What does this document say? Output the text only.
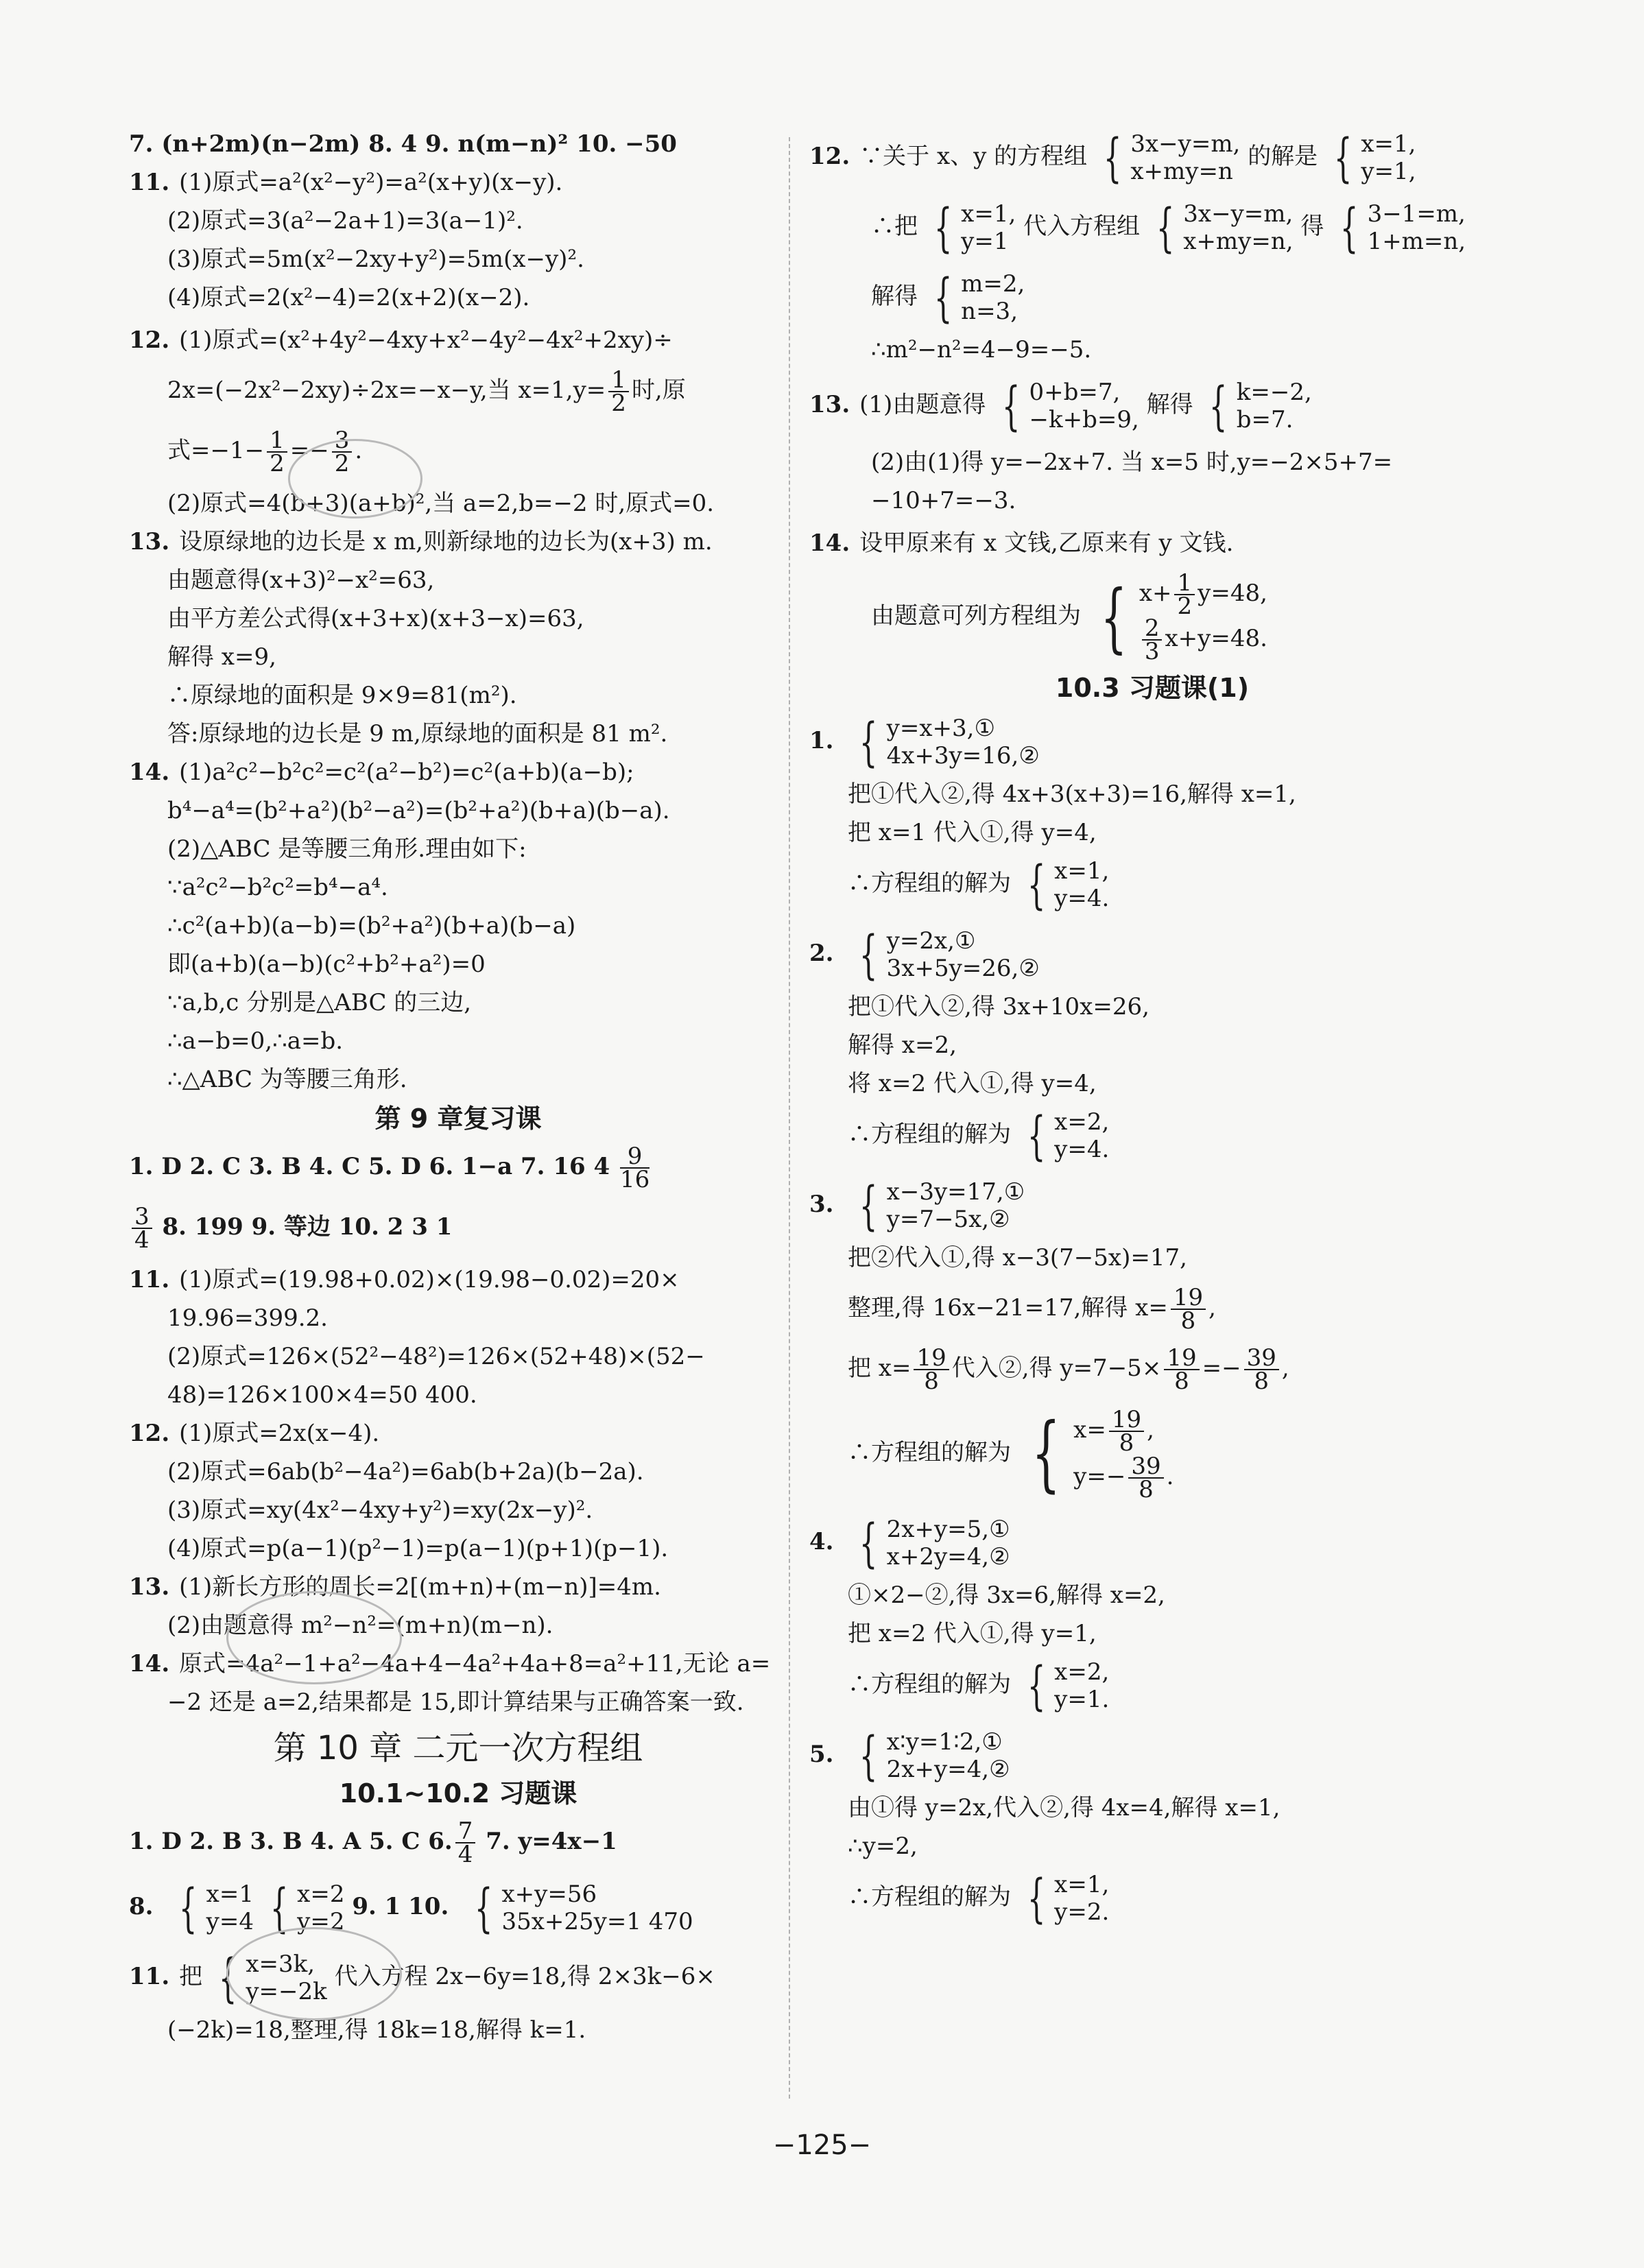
7. (n+2m)(n−2m) 8. 4 9. n(m−n)² 10. −50
11. (1)原式=a²(x²−y²)=a²(x+y)(x−y).
(2)原式=3(a²−2a+1)=3(a−1)².
(3)原式=5m(x²−2xy+y²)=5m(x−y)².
(4)原式=2(x²−4)=2(x+2)(x−2).
12. (1)原式=(x²+4y²−4xy+x²−4y²−4x²+2xy)÷
2x=(−2x²−2xy)÷2x=−x−y,当 $x=1,y= \frac{1}{2}$ 时,原
式$=-1- \frac{1}{2} =- \frac{3}{2}$ .
(2)原式=4(b+3)(a+b)²,当 a=2,b=−2 时,原式=0.
13. 设原绿地的边长是 x m,则新绿地的边长为(x+3) m.
由题意得(x+3)²−x²=63,
由平方差公式得(x+3+x)(x+3−x)=63,
解得 x=9,
∴原绿地的面积是 9×9=81(m²).
答:原绿地的边长是 9 m,原绿地的面积是 81 m².
14. (1)a²c²−b²c²=c²(a²−b²)=c²(a+b)(a−b);
b⁴−a⁴=(b²+a²)(b²−a²)=(b²+a²)(b+a)(b−a).
(2)△ABC 是等腰三角形.理由如下:
∵a²c²−b²c²=b⁴−a⁴.
∴c²(a+b)(a−b)=(b²+a²)(b+a)(b−a)
即(a+b)(a−b)(c²+b²+a²)=0
∵a,b,c 分别是△ABC 的三边,
∴a−b=0,∴a=b.
∴△ABC 为等腰三角形.
第 9 章复习课
1. D 2. C 3. B 4. C 5. D 6. 1−a 7. 16 $4 \frac{9}{16}$
$\frac{3}{4} 8$. 199 9. 等边 10. 2 3 1
11. (1)原式=(19.98+0.02)×(19.98−0.02)=20×
19.96=399.2.
(2)原式=126×(52²−48²)=126×(52+48)×(52−
48)=126×100×4=50 400.
12. (1)原式=2x(x−4).
(2)原式=6ab(b²−4a²)=6ab(b+2a)(b−2a).
(3)原式=xy(4x²−4xy+y²)=xy(2x−y)².
(4)原式=p(a−1)(p²−1)=p(a−1)(p+1)(p−1).
13. (1)新长方形的周长=2[(m+n)+(m−n)]=4m.
(2)由题意得 m²−n²=(m+n)(m−n).
14. 原式=4a²−1+a²−4a+4−4a²+4a+8=a²+11,无论 a=
−2 还是 a=2,结果都是 15,即计算结果与正确答案一致.
第 10 章 二元一次方程组
10.1~10.2 习题课
1. D 2. B 3. B 4. A 5. C 6. $\frac{7}{4} 7$. y=4x−1
8. { x=1
y=4
{ x=2
y=2
9. 1 10. { x+y=56
35x+25y=1 470
11. 把 { x=3k,
y=−2k
代入方程 2x−6y=18,得 2×3k−6×
(−2k)=18,整理,得 18k=18,解得 k=1.
12. ∵关于 x、y 的方程组 { 3x−y=m,
x+my=n
的解是 { x=1,
y=1,
∴把 { x=1,
y=1
代入方程组 { 3x−y=m,
x+my=n,
得 { 3−1=m,
1+m=n,
解得 { m=2,
n=3,
∴m²−n²=4−9=−5.
13. (1)由题意得 { 0+b=7,
−k+b=9,
解得 { k=−2,
b=7.
(2)由(1)得 y=−2x+7. 当 x=5 时,y=−2×5+7=
−10+7=−3.
14. 设甲原来有 x 文钱,乙原来有 y 文钱.
由题意可列方程组为 { $x+ \frac{1}{2} y=48$,
$\frac{2}{3} x+y=48$.
10.3 习题课(1)
1. { y=x+3,①
4x+3y=16,②
把①代入②,得 4x+3(x+3)=16,解得 x=1,
把 x=1 代入①,得 y=4,
∴方程组的解为 { x=1,
y=4.
2. { y=2x,①
3x+5y=26,②
把①代入②,得 3x+10x=26,
解得 x=2,
将 x=2 代入①,得 y=4,
∴方程组的解为 { x=2,
y=4.
3. { x−3y=17,①
y=7−5x,②
把②代入①,得 x−3(7−5x)=17,
整理,得 16x−21=17,解得 $x= \frac{19}{8}$ ,
把 $x= \frac{19}{8}$ 代入②,得 $y=7-5\times \frac{19}{8} =- \frac{39}{8}$ ,
∴方程组的解为 { $x= \frac{19}{8}$ ,
$y=- \frac{39}{8}$ .
4. { 2x+y=5,①
x+2y=4,②
①×2−②,得 3x=6,解得 x=2,
把 x=2 代入①,得 y=1,
∴方程组的解为 { x=2,
y=1.
5. { x∶y=1∶2,①
2x+y=4,②
由①得 y=2x,代入②,得 4x=4,解得 x=1,
∴y=2,
∴方程组的解为 { x=1,
y=2.
−125−
